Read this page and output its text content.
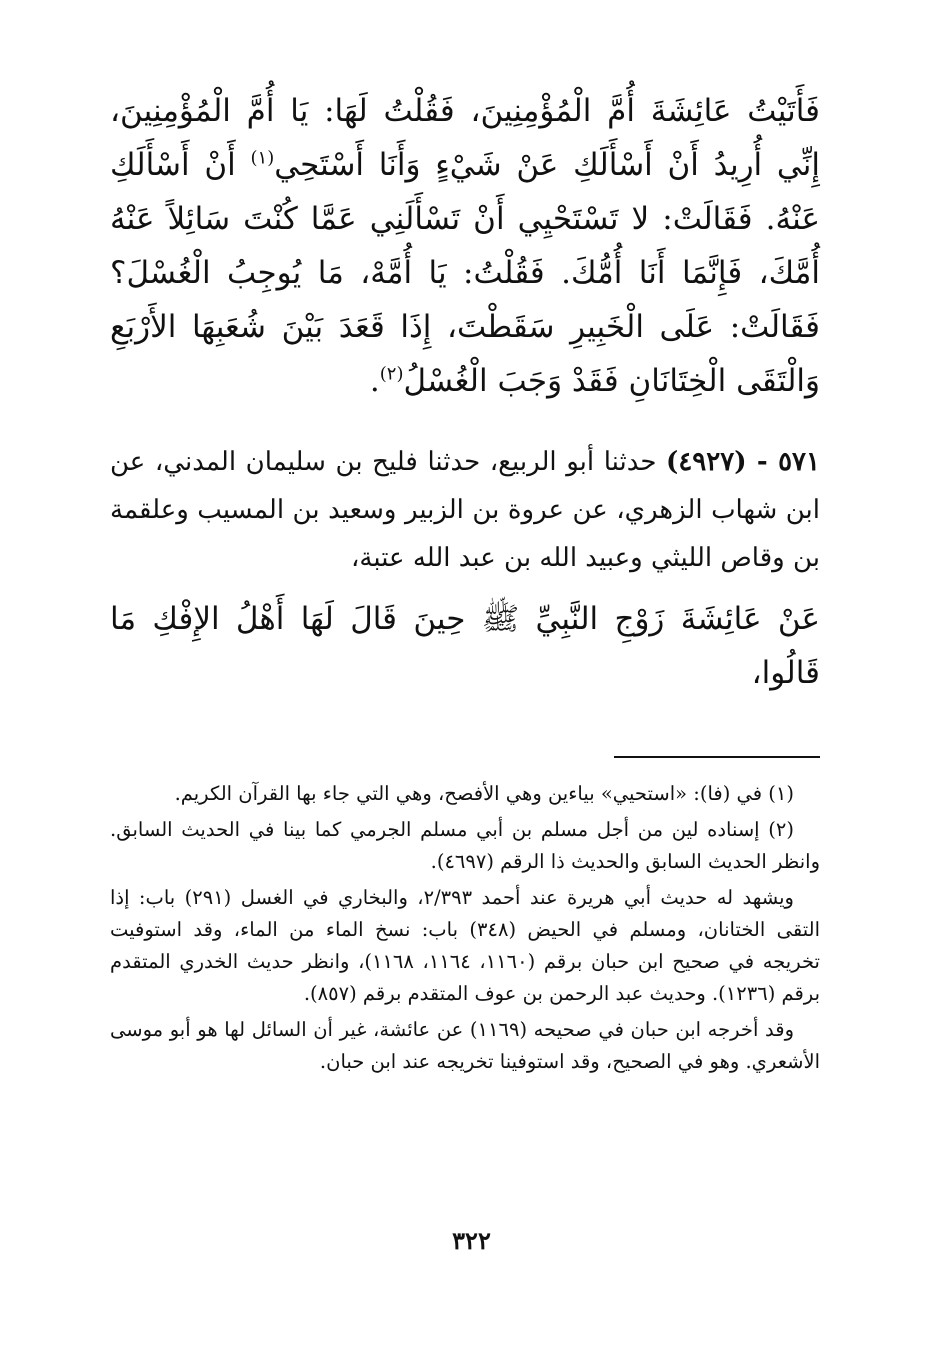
فَأَتَيْتُ عَائِشَةَ أُمَّ الْمُؤْمِنِينَ، فَقُلْتُ لَهَا: يَا أُمَّ الْمُؤْمِنِينَ، إِنِّي أُرِيدُ أَنْ أَسْأَلَكِ عَنْ شَيْءٍ وَأَنَا أَسْتَحِي$^{(١)}$ أَنْ أَسْأَلَكِ عَنْهُ. فَقَالَتْ: لا تَسْتَحْيِي أَنْ تَسْأَلَنِي عَمَّا كُنْتَ سَائِلاً عَنْهُ أُمَّكَ، فَإِنَّمَا أَنَا أُمُّكَ. فَقُلْتُ: يَا أُمَّهْ، مَا يُوجِبُ الْغُسْلَ؟ فَقَالَتْ: عَلَى الْخَبِيرِ سَقَطْتَ، إِذَا قَعَدَ بَيْنَ شُعَبِهَا الأَرْبَعِ وَالْتَقَى الْخِتَانَانِ فَقَدْ وَجَبَ الْغُسْلُ$^{(٢)}$.

٥٧١ - (٤٩٢٧) حدثنا أبو الربيع، حدثنا فليح بن سليمان المدني، عن ابن شهاب الزهري، عن عروة بن الزبير وسعيد بن المسيب وعلقمة بن وقاص الليثي وعبيد الله بن عبد الله عتبة،

عَنْ عَائِشَةَ زَوْجِ النَّبِيِّ ﷺ حِينَ قَالَ لَهَا أَهْلُ الإِفْكِ مَا قَالُوا،

(١) في (فا): «استحيي» بياءين وهي الأفصح، وهي التي جاء بها القرآن الكريم.

(٢) إسناده لين من أجل مسلم بن أبي مسلم الجرمي كما بينا في الحديث السابق. وانظر الحديث السابق والحديث ذا الرقم (٤٦٩٧).

ويشهد له حديث أبي هريرة عند أحمد ٢/٣٩٣، والبخاري في الغسل (٢٩١) باب: إذا التقى الختانان، ومسلم في الحيض (٣٤٨) باب: نسخ الماء من الماء، وقد استوفيت تخريجه في صحيح ابن حبان برقم (١١٦٠، ١١٦٤، ١١٦٨)، وانظر حديث الخدري المتقدم برقم (١٢٣٦). وحديث عبد الرحمن بن عوف المتقدم برقم (٨٥٧).

وقد أخرجه ابن حبان في صحيحه (١١٦٩) عن عائشة، غير أن السائل لها هو أبو موسى الأشعري. وهو في الصحيح، وقد استوفينا تخريجه عند ابن حبان.

٣٢٢
